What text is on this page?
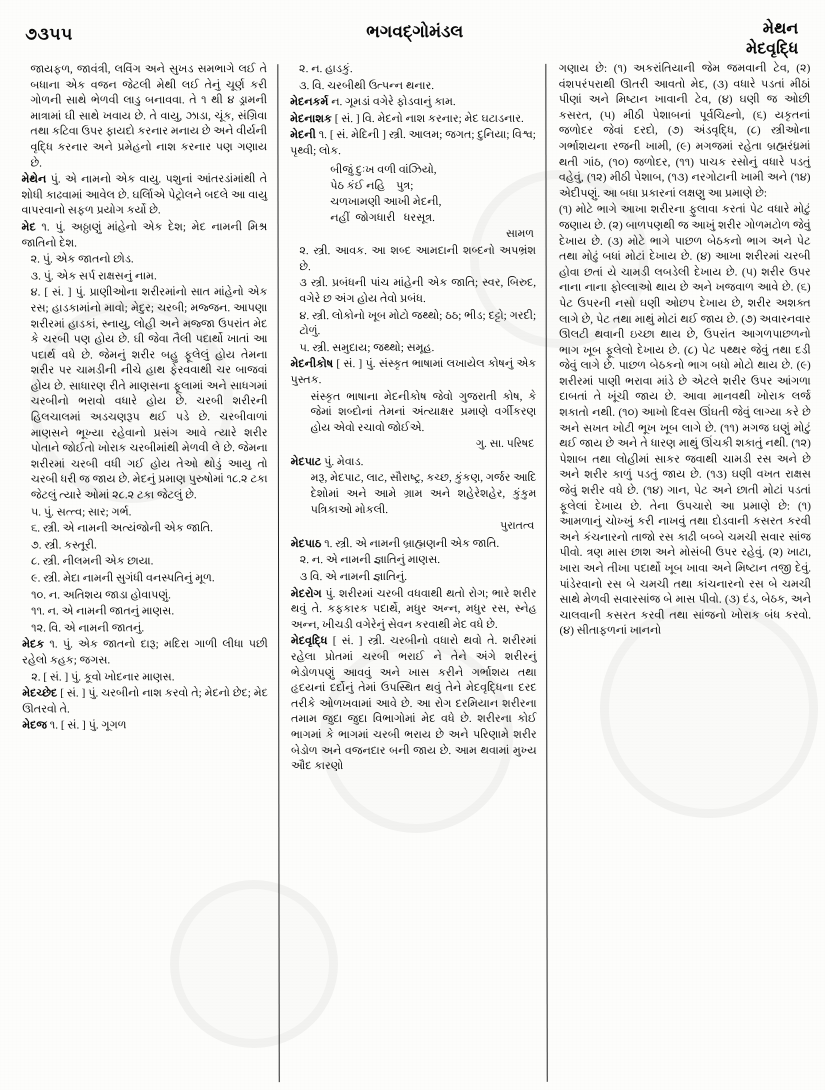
૭૩૫૫	ભગવદ્ગોમંડલ	મેથન
મેદવૃદ્ધિ

જાયફળ, જાવંત્રી, લવિંગ અને સુખડ સમભાગે લઈ તે બધાના એક વજન જેટલી મેથી લઈ તેનું ચૂર્ણ કરી ગોળની સાથે ભેળવી લાડુ બનાવવા. તે ૧ થી ૪ ડ્રામની માત્રામાં ઘી સાથે ખવાય છે. તે વાયુ, ઝાડા, ચૂંક, સંગ્રિવા તથા કટિવા ઉપર ફાયદો કરનાર મનાય છે અને વીર્યની વૃદ્ધિ કરનાર અને પ્રમેહનો નાશ કરનાર પણ ગણાય છે.

મેથેન પું. એ નામનો એક વાયુ. પશુનાં આંતરડાંમાંથી તે શોધી કાઢવામાં આવેલ છે. ઘર્લાિએ પેટ્રોલને બદલે આ વાયુ વાપરવાનો સફળ પ્રયોગ કર્યો છે.

મેદ ૧. પું. અઠ્ઠાણું માંહેનો એક દેશ; મેદ નામની મિશ્ર જાતિનો દેશ.

૨. પું. એક જાતનો છોડ.

૩. પું. એક સર્પ રાક્ષસનું નામ.

૪. [ સં. ] પું. પ્રાણીઓના શરીરમાંનો સાત માંહેનો એક રસ; હાડકામાંનો માવો; મેદુર; ચરબી; મજ્જન. આપણા શરીરમાં હાડકાં, સ્નાયુ, લોહી અને મજ્જા ઉપરાંત મેદ કે ચરબી પણ હોય છે. ઘી જેવા તૈલી પદાર્થો ખાતાં આ પદાર્થ વધે છે. જેમનું શરીર બહુ ફૂલેલું હોય તેમના શરીર પર ચામડીની નીચે હાથ ફેરવવાથી ચર બાજવાં હોય છે. સાધારણ રીતે માણસના ફૂલામાં અને સાધગમાં ચરબીનો ભરાવો વધારે હોય છે. ચરબી શરીરની હિલચાલમાં અડચણરૂપ થઈ પડે છે. ચરબીવાળાં માણસને ભૂખ્યા રહેવાનો પ્રસંગ આવે ત્યારે શરીર પોતાને જોઈતો ખોરાક ચરબીમાંથી મેળવી લે છે. જેમના શરીરમાં ચરબી વધી ગઈ હોય તેઓ થોડું આયુ તો ચરબી ધરી જ જાય છે. મેદનું પ્રમાણ પુરુષોમાં ૧૮.૨ ટકા જેટલું ત્યારે ઓમાં ૨૮.૨ ટકા જેટલું છે.

૫. પું. સત્ત્વ; સાર; ગર્ભ.

૬. સ્ત્રી. એ નામની અત્યંજોની એક જાતિ.

૭. સ્ત્રી. કસ્તૂરી.

૮. સ્ત્રી. નીલમની એક છાયા.

૯. સ્ત્રી. મેદા નામની સુગંધી વનસ્પતિનું મૂળ.

૧૦. ન. અતિશય જાડા હોવાપણું.

૧૧. ન. એ નામની જાતનું માણસ.

૧૨. વિ. એ નામની જાતનું.

મેદક ૧. પું. એક જાતનો દારૂ; મદિરા ગાળી લીધા પછી રહેલો કહક; જગસ.

૨. [ સં. ] પું. કૂવો ખોદનાર માણસ.

મેદચ્છેદ [ સં. ] પું. ચરબીનો નાશ કરવો તે; મેદનો છેદ; મેદ ઊતરવો તે.

મેદજ ૧. [ સં. ] પું. ગૂગળ

૨. ન. હાડકું.

૩. વિ. ચરબીથી ઉત્પન્ન થનાર.

મેદનકર્મ ન. ગૂમડાં વગેરે ફોડવાનું કામ.

મેદનાશક [ સં. ] વિ. મેદનો નાશ કરનાર; મેદ ઘટાડનાર.

મેદની ૧. [ સં. મેદિની ] સ્ત્રી. આલમ; જગત; દુનિયા; વિશ્વ; પૃથ્વી; લોક.

બીજું દુઃખ વળી વાંઝિયો,
પેઠ કંઈ નહિ    પુત્ર;
ચળખામણી આખી મેદની,
નહીં  જોગધારી   ધરસૂત્ર.

સામળ

૨. સ્ત્રી. આવક. આ શબ્દ આમદાની શબ્દનો અપભ્રંશ છે.

૩ સ્ત્રી. પ્રબંધની પાંચ માંહેની એક જાતિ; સ્વર, બિરુદ, વગેરે છ અંગ હોય તેવો પ્રબંધ.

૪. સ્ત્રી. લોકોનો ખૂબ મોટો જથ્થો; ઠઠ; ભીડ; દટ્ટો; ગરદી; ટોળું.

૫. સ્ત્રી. સમુદાય; જથ્થો; સમૂહ.

મેદનીકોષ [ સં. ] પું. સંસ્કૃત ભાષામાં લખાયેલ કોષનું એક પુસ્તક.

સંસ્કૃત ભાષાના મેદનીકોષ જેવો ગુજરાતી કોષ, કે જેમાં શબ્દોનાં તેમનાં અંત્યાક્ષર પ્રમાણે વર્ગીકરણ હોય એવો રચાવો જોઈએ.

ગુ. સા. પરિષદ

મેદપાટ પું. મેવાડ.

મરૂ, મેદપાટ, લાટ, સૌરાષ્ટ્ર, કચ્છ, કુંકણ, ગર્જર આદિ દેશોમાં અને આમે ગ્રામ અને શહેરેશહેર, કુંકુમ પત્રિકાઓ મોકલી.

પુરાતત્વ

મેદપાઠ ૧. સ્ત્રી. એ નામની બ્રાહ્મણની એક જાતિ.

૨. ન. એ નામની જ્ઞાતિનું માણસ.

૩ વિ. એ નામની જ્ઞાતિનું.

મેદરોગ પું. શરીરમાં ચરબી વધવાથી થતો રોગ; ભારે શરીર થવું તે. કફકારક પદાર્થે, મધુર અન્ન, મધુર રસ, સ્નેહ અન્ન, ખીચડી વગેરેનું સેવન કરવાથી મેદ વધે છે.

મેદવૃદ્ધિ [ સં. ] સ્ત્રી. ચરબીનો વધારો થવો તે. શરીરમાં રહેલા પ્રોતમાં ચરબી ભરાઈ ને તેને અંગે શરીરનું ભેડોળપણું આવવું અને ખાસ કરીને ગર્ભાશય તથા હૃદયનાં દર્દોનું તેમાં ઉપસ્થિત થવું તેને મેદવૃદ્ધિના દરદ તરીકે ઓળખવામાં આવે છે. આ રોગ દરમિયાન શરીરના તમામ જુદા જુદા વિભાગોમાં મેદ વધે છે. શરીરના કોઈ ભાગમાં કે ભાગમાં ચરબી ભરાય છે અને પરિણામે શરીર બેડોળ અને વજનદાર બની જાય છે. આમ થવામાં મુખ્ય ઔદ કારણો

ગણાય છે: (૧) અકરાંતિયાની જેમ જમવાની ટેવ, (૨) વંશપરંપરાથી ઊતરી આવતો મેદ, (૩) વધારે પડતાં મીઠાં પીણાં અને મિષ્ટાન ખાવાની ટેવ, (૪) ઘણી જ ઓછી કસરત, (૫) મીઠી પેશાબનાં પૂર્વચિહ્નો, (૬) યકૃતનાં જળોદર જેવાં દરદો, (૭) અંડવૃદ્ધિ, (૮) સ્ત્રીઓના ગર્ભાશયના રજની ખામી, (૯) મગજમાં રહેતા બ્રહ્મરંધ્રમાં થતી ગાંઠ, (૧૦) જળોદર, (૧૧) પાચક રસોનું વધારે પડતું વહેવું, (૧૨) મીઠી પેશાબ, (૧૩) નરગોટાની ખામી અને (૧૪) એદીપણું. આ બધા પ્રકારનાં લક્ષણુ આ પ્રમાણે છે:

(૧) મોટે ભાગે આખા શરીરના ફુલાવા કરતાં પેટ વધારે મોટું જણાય છે. (૨) બાળપણથી જ આખું શરીર ગોળમટોળ જેવું દેખાય છે. (૩) મોટે ભાગે પાછળ બેઠકનો ભાગ અને પેટ તથા મોઢું બધાં મોટાં દેખાય છે. (૪) આખા શરીરમાં ચરબી હોવા છતાં યે ચામડી લબડેલી દેખાય છે. (૫) શરીર ઉપર નાના નાના ફોલ્લાઓ થાય છે અને ખજવાળ આવે છે. (૬) પેટ ઉપરની નસો ઘણી ઓછપ દેખાય છે, શરીર અશક્ત લાગે છે, પેટ તથા માથું મોટાં થઈ જાય છે. (૭) અવારનવાર ઊલટી થવાની ઇચ્છા થાય છે, ઉપરાંત આગળપાછળનો ભાગ ખૂબ ફૂલેલો દેખાય છે. (૮) પેટ પથ્થર જેવું તથા દડી જેવું લાગે છે. પાછળ બેઠકનો ભાગ બધો મોટો થાય છે. (૯) શરીરમાં પાણી ભરાવા માંડે છે એટલે શરીર ઉપર આંગળા દાબતાં તે ખૂંચી જાય છે. આવા માનવથી ખોરાક લર્જ શકાતો નથી. (૧૦) આખો દિવસ ઊંઘતી જેવું લાગ્યા કરે છે અને સખત ખોટી ભૂખ ખૂબ લાગે છે. (૧૧) મગજ ઘણું મોટું થઈ જાય છે અને તે ધારણ માથું ઊંચકી શકાતું નથી. (૧૨) પેશાબ તથા લોહીમાં સાકર જવાથી ચામડી રસ અને છે અને શરીર કાળું પડતું જાય છે. (૧૩) ઘણી વખત રાક્ષસ જેવું શરીર વધે છે. (૧૪) ગાન, પેટ અને છાતી મોટાં પડતાં ફૂલેલાં દેખાય છે. તેના ઉપચારો આ પ્રમાણે છે: (૧) આમળાનું ચોખ્ખું કરી નાખવું તથા દોડવાની કસરત કરવી અને કંચનારનો તાજો રસ કાઢી બબ્બે ચમચી સવાર સાંજ પીવો. ત્રણ માસ છાશ અને મોસંબી ઉપર રહેવું. (૨) ખાટા, ખારા અને તીખા પદાર્થો ખૂબ ખાવા અને મિષ્ટાન તજી દેવું. પાંડેરવાનો રસ બે ચમચી તથા કાંચનારનો રસ બે ચમચી સાથે મેળવી સવારસાંજ બે માસ પીવો. (૩) દંડ, બેઠક, અને ચાલવાની કસરત કરવી તથા સાંજનો ખોરાક બંધ કરવો. (૪) સીતાફળનાં ખાનનો
